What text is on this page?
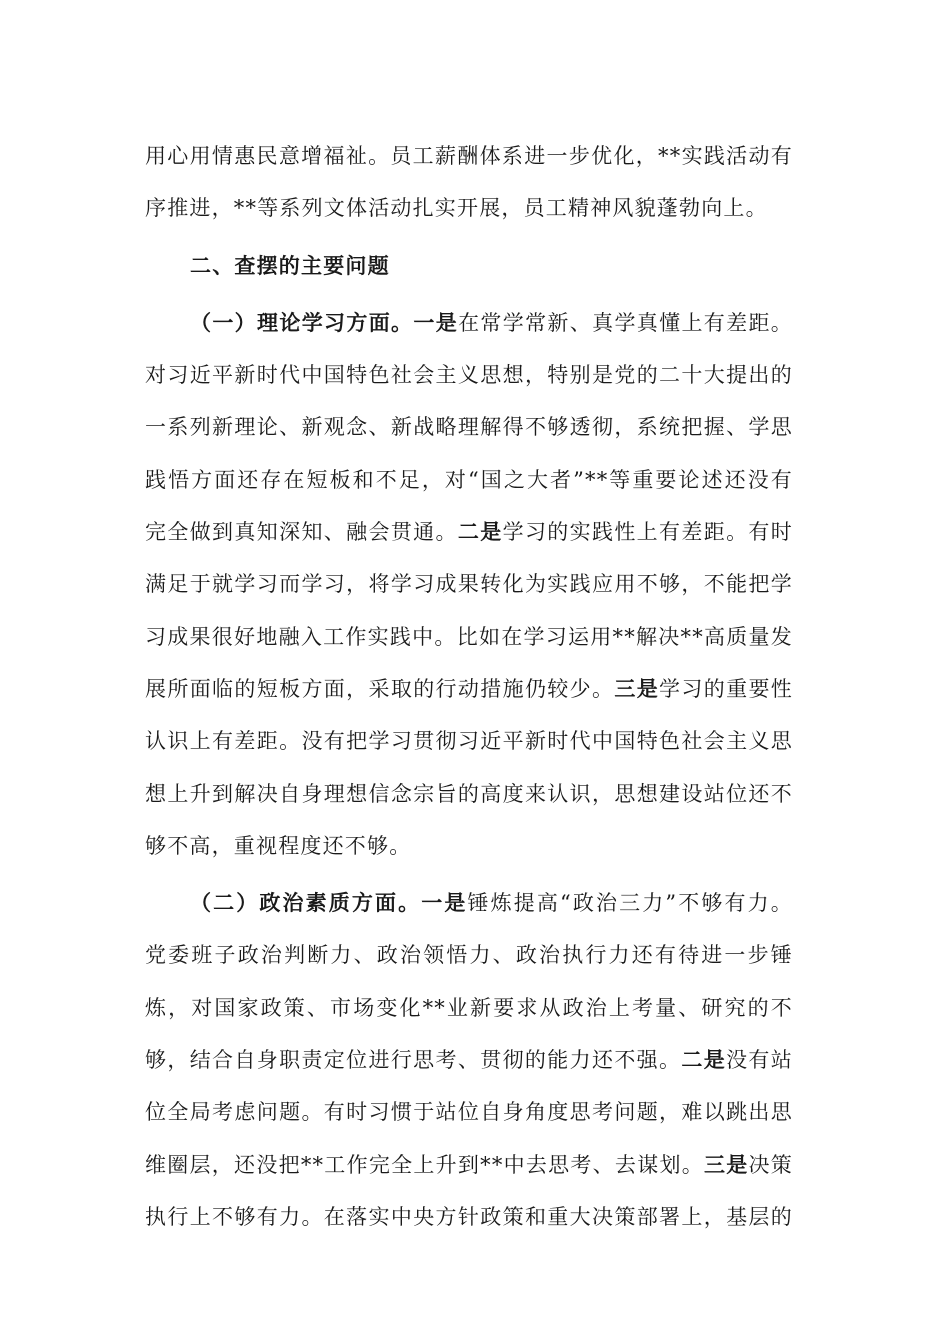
用心用情惠民意增福祉。员工薪酬体系进一步优化，**实践活动有
序推进，**等系列文体活动扎实开展，员工精神风貌蓬勃向上。
二、查摆的主要问题
（一）理论学习方面。一是在常学常新、真学真懂上有差距。
对习近平新时代中国特色社会主义思想，特别是党的二十大提出的
一系列新理论、新观念、新战略理解得不够透彻，系统把握、学思
践悟方面还存在短板和不足，对“国之大者”**等重要论述还没有
完全做到真知深知、融会贯通。二是学习的实践性上有差距。有时
满足于就学习而学习，将学习成果转化为实践应用不够，不能把学
习成果很好地融入工作实践中。比如在学习运用**解决**高质量发
展所面临的短板方面，采取的行动措施仍较少。三是学习的重要性
认识上有差距。没有把学习贯彻习近平新时代中国特色社会主义思
想上升到解决自身理想信念宗旨的高度来认识，思想建设站位还不
够不高，重视程度还不够。
（二）政治素质方面。一是锤炼提高“政治三力”不够有力。
党委班子政治判断力、政治领悟力、政治执行力还有待进一步锤
炼，对国家政策、市场变化**业新要求从政治上考量、研究的不
够，结合自身职责定位进行思考、贯彻的能力还不强。二是没有站
位全局考虑问题。有时习惯于站位自身角度思考问题，难以跳出思
维圈层，还没把**工作完全上升到**中去思考、去谋划。三是决策
执行上不够有力。在落实中央方针政策和重大决策部署上，基层的
